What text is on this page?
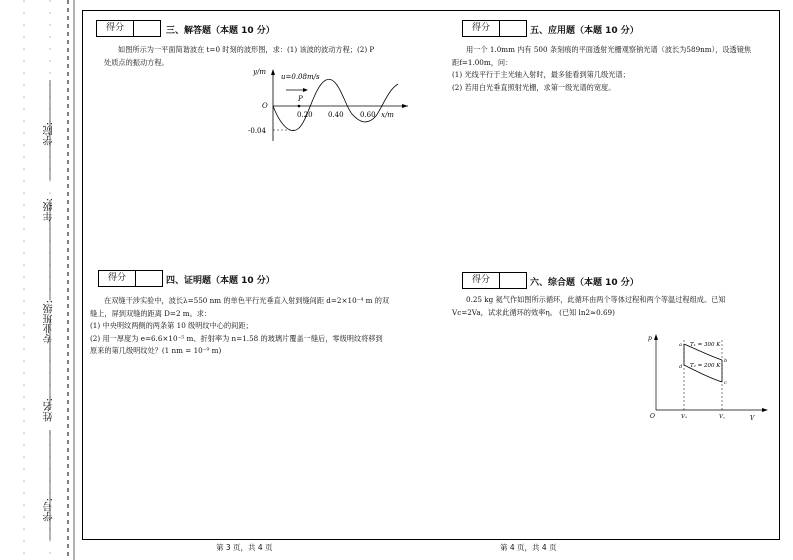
学院:
年级:
专业班级:
姓名:
学号:
得分	三、解答题（本题 10 分）
如图所示为一平面简谐波在 t=0 时刻的波形图，求：(1) 该波的波动方程；(2) P
处质点的振动方程。
y/m
u=0.08m/s
O
P
0.20 0.40 0.60 x/m
-0.04
得分	四、证明题（本题 10 分）
在双缝干涉实验中，波长λ=550 nm 的单色平行光垂直入射到缝间距 d=2×10⁻⁴ m 的双
缝上，屏到双缝的距离 D=2 m。求：
(1) 中央明纹两侧的两条第 10 级明纹中心的间距；
(2) 用一厚度为 e=6.6×10⁻⁵ m、折射率为 n=1.58 的玻璃片覆盖一缝后，零级明纹将移到
原来的第几级明纹处？(1 nm = 10⁻⁹ m)
得分	五、应用题（本题 10 分）
用一个 1.0mm 内有 500 条刻痕的平面透射光栅观察钠光谱（波长为589nm），设透镜焦
距f=1.00m，问：
(1) 光线平行于主光轴入射时，最多能看到第几级光谱；
(2) 若用白光垂直照射光栅，求第一级光谱的宽度。
得分	六、综合题（本题 10 分）
0.25 kg 氦气作如图所示循环，此循环由两个等体过程和两个等温过程组成。已知
Vc=2Va，试求此循环的效率η。 (已知 ln2≈0.69)
p
V
O
a
b
c
d
T₁ = 300 K
T₂ = 200 K
Vₐ	V꜀
第 3 页，共 4 页	第 4 页，共 4 页
